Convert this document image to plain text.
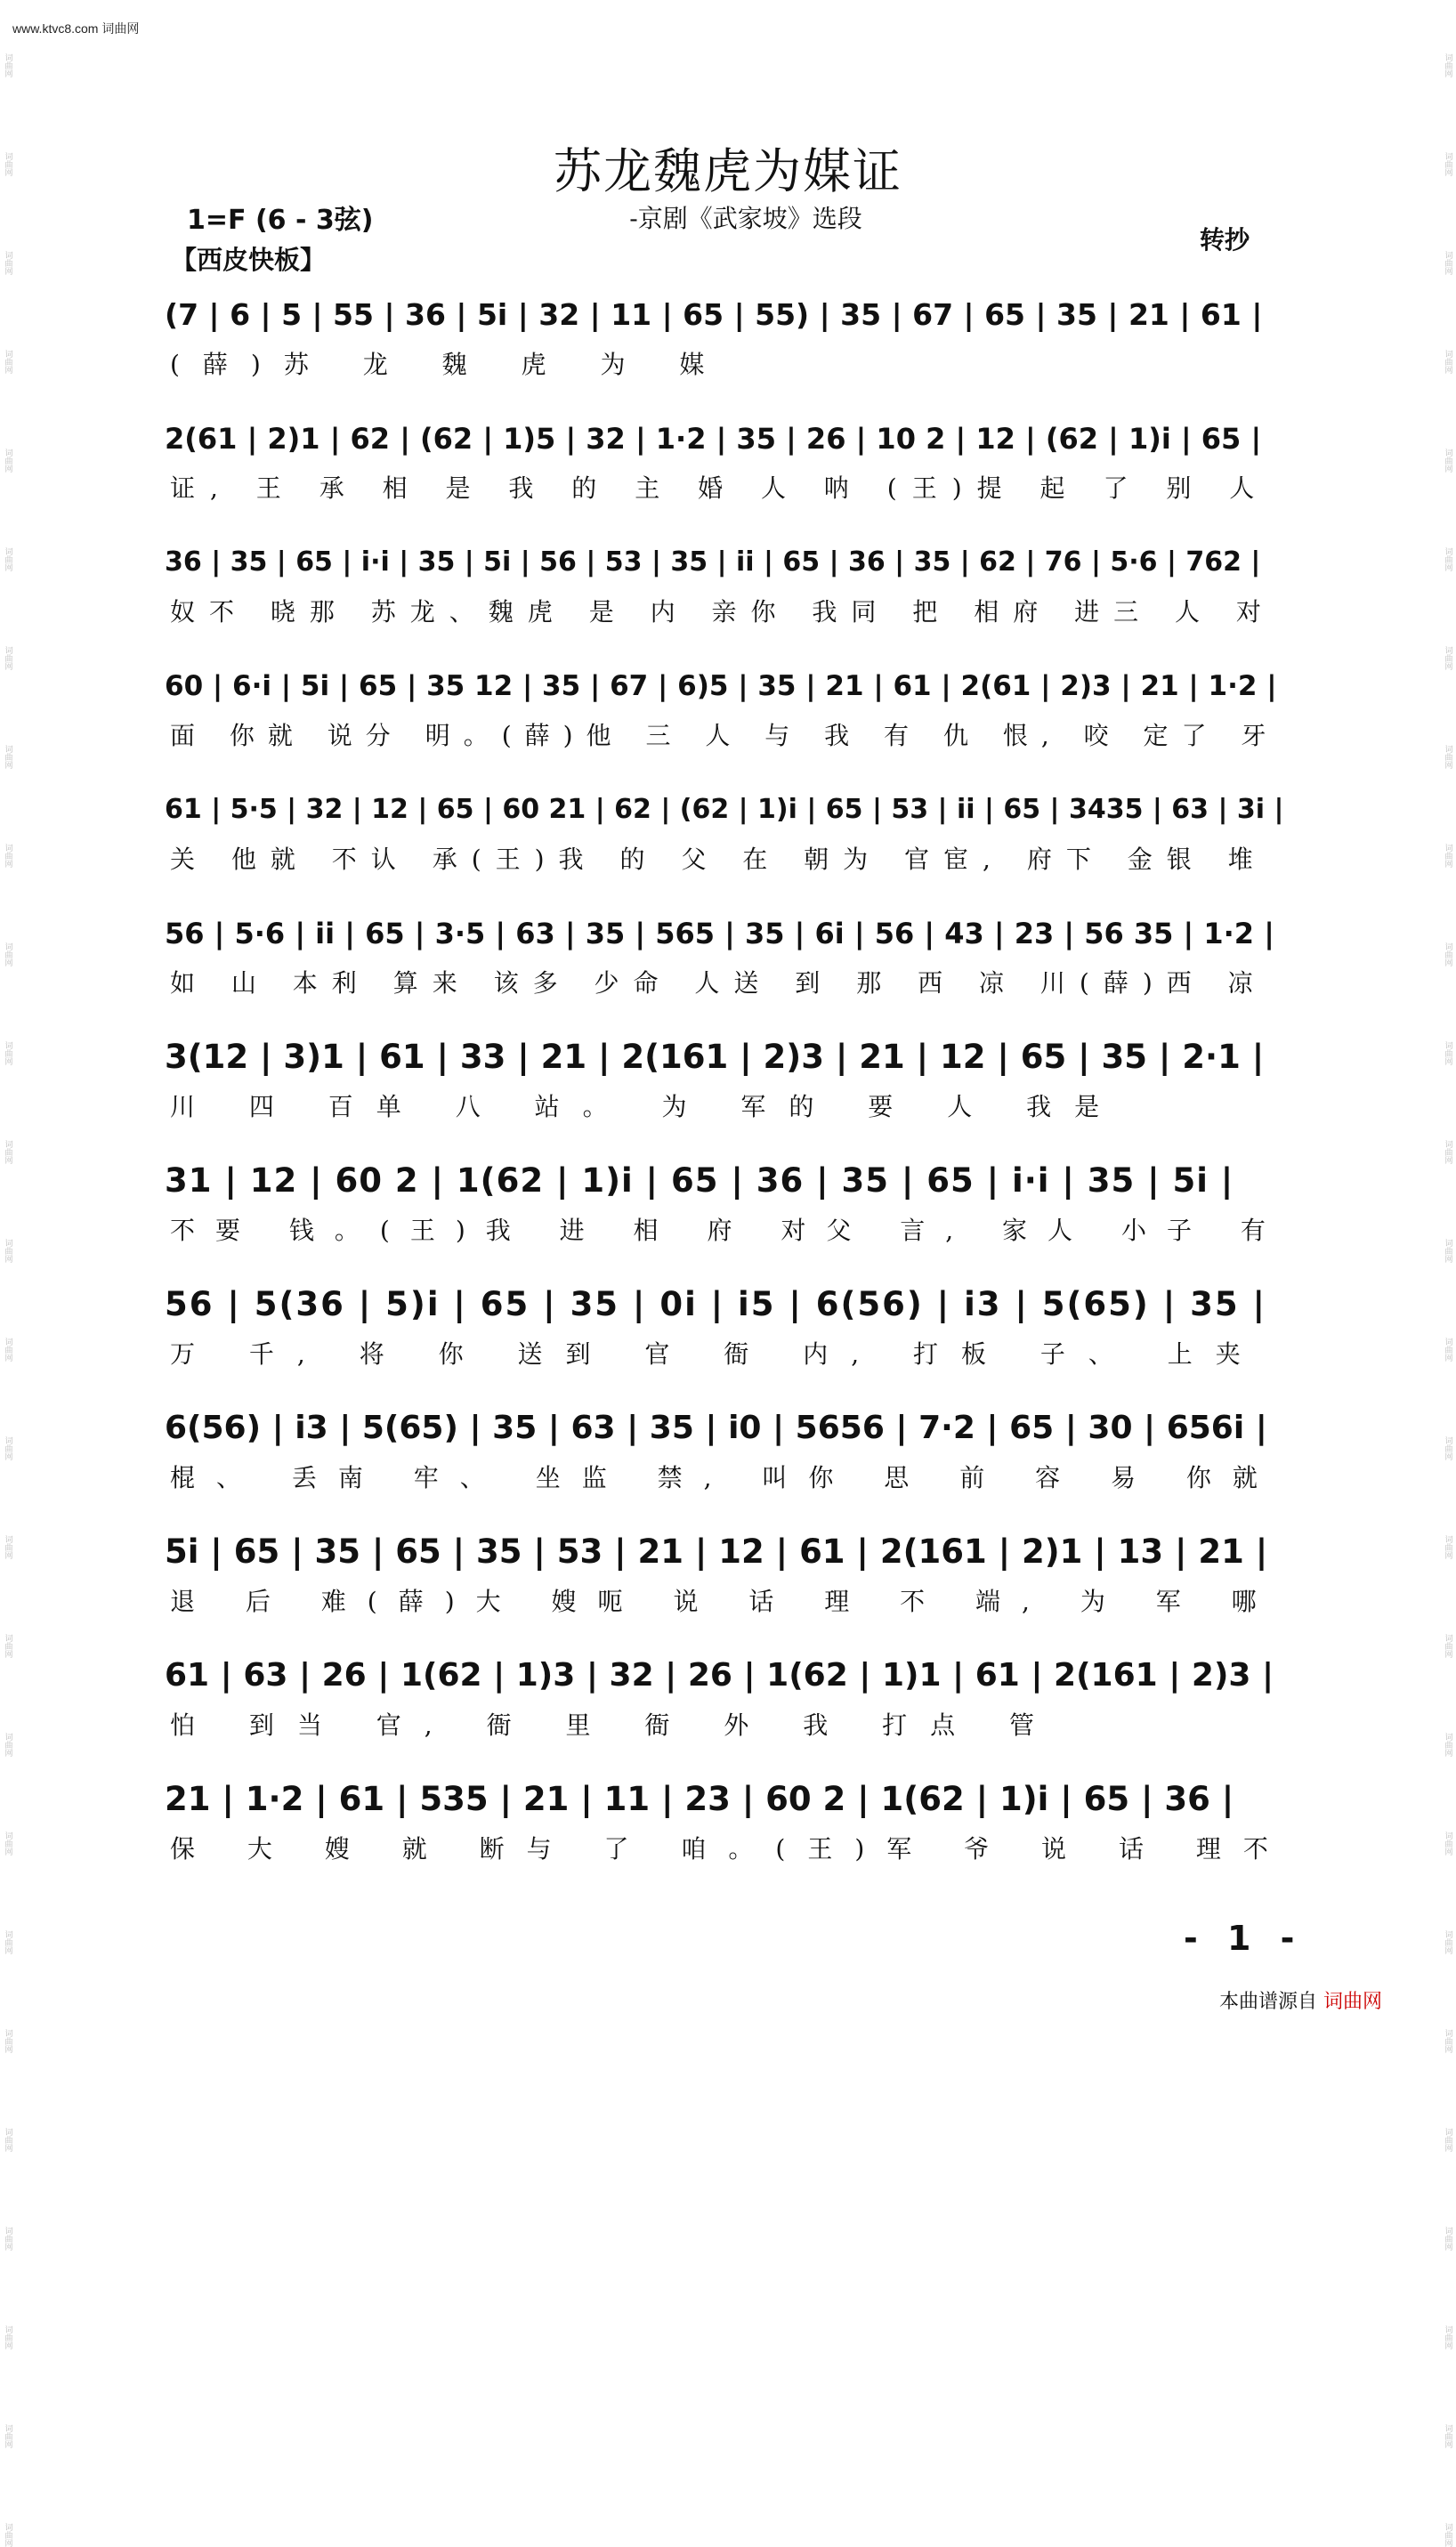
www.ktvc8.com 词曲网
词曲网
词曲网
词曲网
词曲网
词曲网
词曲网
词曲网
词曲网
词曲网
词曲网
词曲网
词曲网
词曲网
词曲网
词曲网
词曲网
词曲网
词曲网
词曲网
词曲网
词曲网
词曲网
词曲网
词曲网
词曲网
词曲网
词曲网
词曲网
词曲网
词曲网
词曲网
词曲网
词曲网
词曲网
词曲网
词曲网
词曲网
词曲网
词曲网
词曲网
词曲网
词曲网
词曲网
词曲网
词曲网
词曲网
词曲网
词曲网
词曲网
词曲网
词曲网
词曲网
苏龙魏虎为媒证
-京剧《武家坡》选段
1=F (6 - 3弦)
【西皮快板】
转抄
(7 | 6 | 5 | 55 | 36 | 5i | 32 | 11 | 65 | 55) | 35 | 67 | 65 | 35 | 21 | 61 |
(薛)苏 龙 魏 虎 为 媒
2(61 | 2)1 | 62 | (62 | 1)5 | 32 | 1·2 | 35 | 26 | 10 2 | 12 | (62 | 1)i | 65 |
证, 王 承 相 是 我 的 主 婚 人 呐 (王)提 起 了 别 人
36 | 35 | 65 | i·i | 35 | 5i | 56 | 53 | 35 | ii | 65 | 36 | 35 | 62 | 76 | 5·6 | 762 |
奴不 晓那 苏龙、魏虎 是 内 亲你 我同 把 相府 进三 人 对
60 | 6·i | 5i | 65 | 35 12 | 35 | 67 | 6)5 | 35 | 21 | 61 | 2(61 | 2)3 | 21 | 1·2 |
面 你就 说分 明。(薛)他 三 人 与 我 有 仇 恨, 咬 定了 牙
61 | 5·5 | 32 | 12 | 65 | 60 21 | 62 | (62 | 1)i | 65 | 53 | ii | 65 | 3435 | 63 | 3i |
关 他就 不认 承(王)我 的 父 在 朝为 官宦, 府下 金银 堆
56 | 5·6 | ii | 65 | 3·5 | 63 | 35 | 565 | 35 | 6i | 56 | 43 | 23 | 56 35 | 1·2 |
如 山 本利 算来 该多 少命 人送 到 那 西 凉 川(薛)西 凉
3(12 | 3)1 | 61 | 33 | 21 | 2(161 | 2)3 | 21 | 12 | 65 | 35 | 2·1 |
川 四 百单 八 站。 为 军的 要 人 我是
31 | 12 | 60 2 | 1(62 | 1)i | 65 | 36 | 35 | 65 | i·i | 35 | 5i |
不要 钱。(王)我 进 相 府 对父 言, 家人 小子 有
56 | 5(36 | 5)i | 65 | 35 | 0i | i5 | 6(56) | i3 | 5(65) | 35 |
万 千, 将 你 送到 官 衙 内, 打板 子、 上夹
6(56) | i3 | 5(65) | 35 | 63 | 35 | i0 | 5656 | 7·2 | 65 | 30 | 656i |
棍、 丢南 牢、 坐监 禁, 叫你 思 前 容 易 你就
5i | 65 | 35 | 65 | 35 | 53 | 21 | 12 | 61 | 2(161 | 2)1 | 13 | 21 |
退 后 难(薛)大 嫂呃 说 话 理 不 端, 为 军 哪
61 | 63 | 26 | 1(62 | 1)3 | 32 | 26 | 1(62 | 1)1 | 61 | 2(161 | 2)3 |
怕 到当 官, 衙 里 衙 外 我 打点 管
21 | 1·2 | 61 | 535 | 21 | 11 | 23 | 60 2 | 1(62 | 1)i | 65 | 36 |
保 大 嫂 就 断与 了 咱。(王)军 爷 说 话 理不
- 1 -
本曲谱源自 词曲网
